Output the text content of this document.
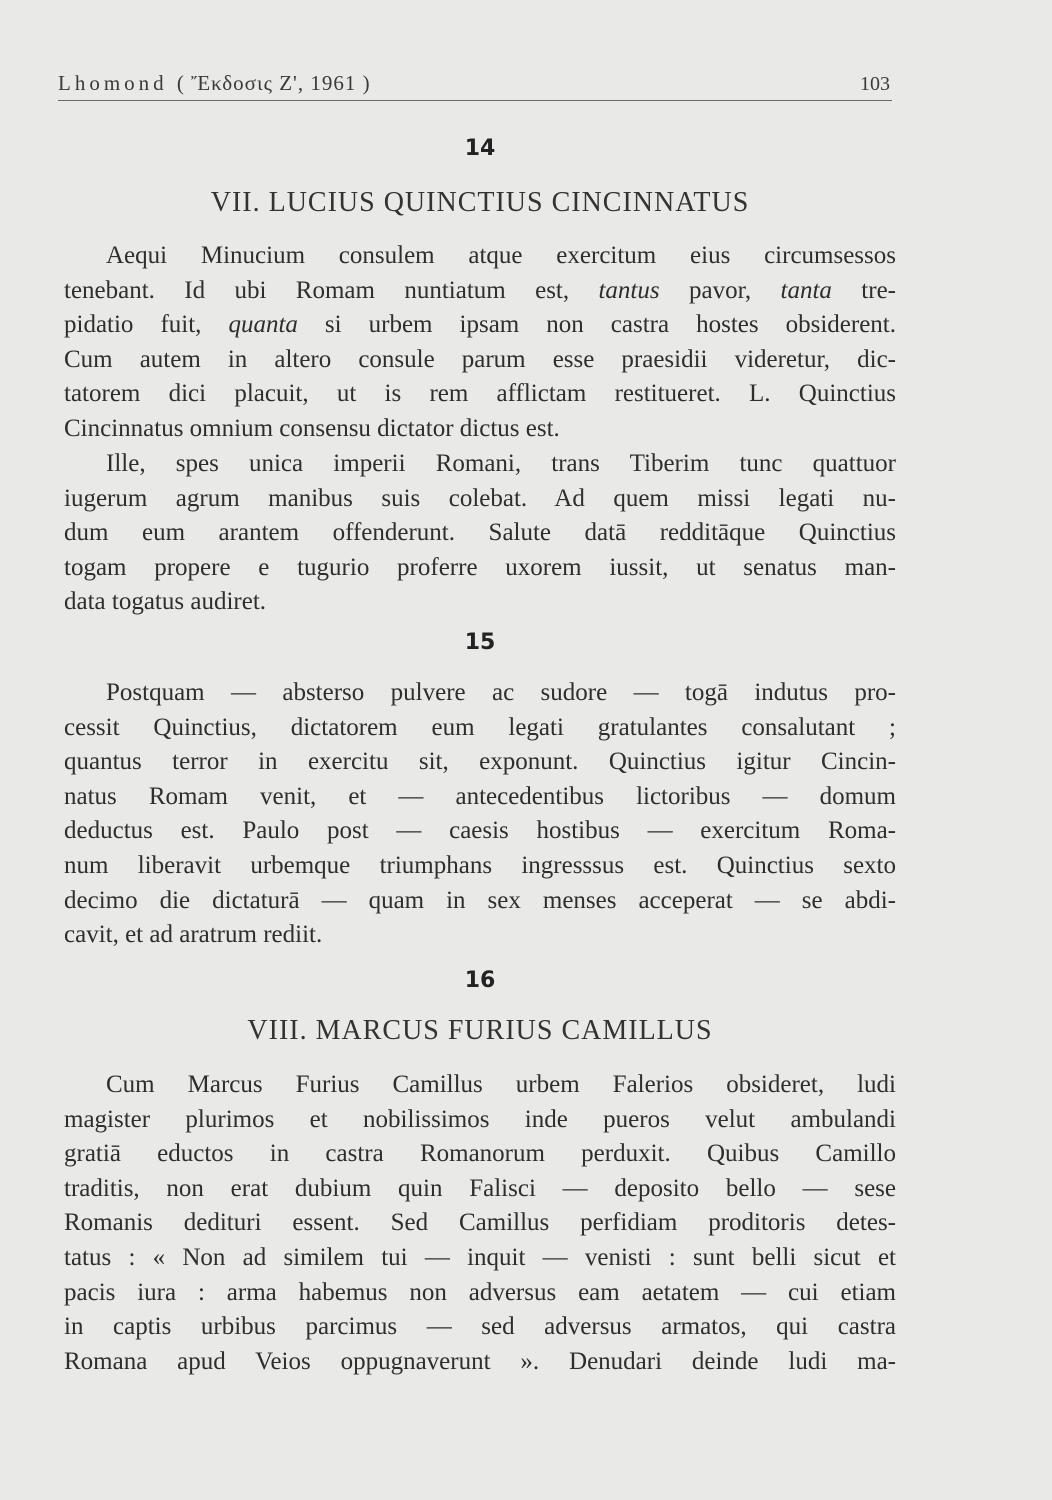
Lhomond ( Ἔκδοσις Ζ', 1961 )	103
14
VII. LUCIUS QUINCTIUS CINCINNATUS
Aequi Minucium consulem atque exercitum eius circumsessos
tenebant. Id ubi Romam nuntiatum est, tantus pavor, tanta tre-
pidatio fuit, quanta si urbem ipsam non castra hostes obsiderent.
Cum autem in altero consule parum esse praesidii videretur, dic-
tatorem dici placuit, ut is rem afflictam restitueret. L. Quinctius
Cincinnatus omnium consensu dictator dictus est.
Ille, spes unica imperii Romani, trans Tiberim tunc quattuor
iugerum agrum manibus suis colebat. Ad quem missi legati nu-
dum eum arantem offenderunt. Salute datā redditāque Quinctius
togam propere e tugurio proferre uxorem iussit, ut senatus man-
data togatus audiret.
15
Postquam — absterso pulvere ac sudore — togā indutus pro-
cessit Quinctius, dictatorem eum legati gratulantes consalutant ;
quantus terror in exercitu sit, exponunt. Quinctius igitur Cincin-
natus Romam venit, et — antecedentibus lictoribus — domum
deductus est. Paulo post — caesis hostibus — exercitum Roma-
num liberavit urbemque triumphans ingresssus est. Quinctius sexto
decimo die dictaturā — quam in sex menses acceperat — se abdi-
cavit, et ad aratrum rediit.
16
VIII. MARCUS FURIUS CAMILLUS
Cum Marcus Furius Camillus urbem Falerios obsideret, ludi
magister plurimos et nobilissimos inde pueros velut ambulandi
gratiā eductos in castra Romanorum perduxit. Quibus Camillo
traditis, non erat dubium quin Falisci — deposito bello — sese
Romanis dedituri essent. Sed Camillus perfidiam proditoris detes-
tatus : « Non ad similem tui — inquit — venisti : sunt belli sicut et
pacis iura : arma habemus non adversus eam aetatem — cui etiam
in captis urbibus parcimus — sed adversus armatos, qui castra
Romana apud Veios oppugnaverunt ». Denudari deinde ludi ma-
